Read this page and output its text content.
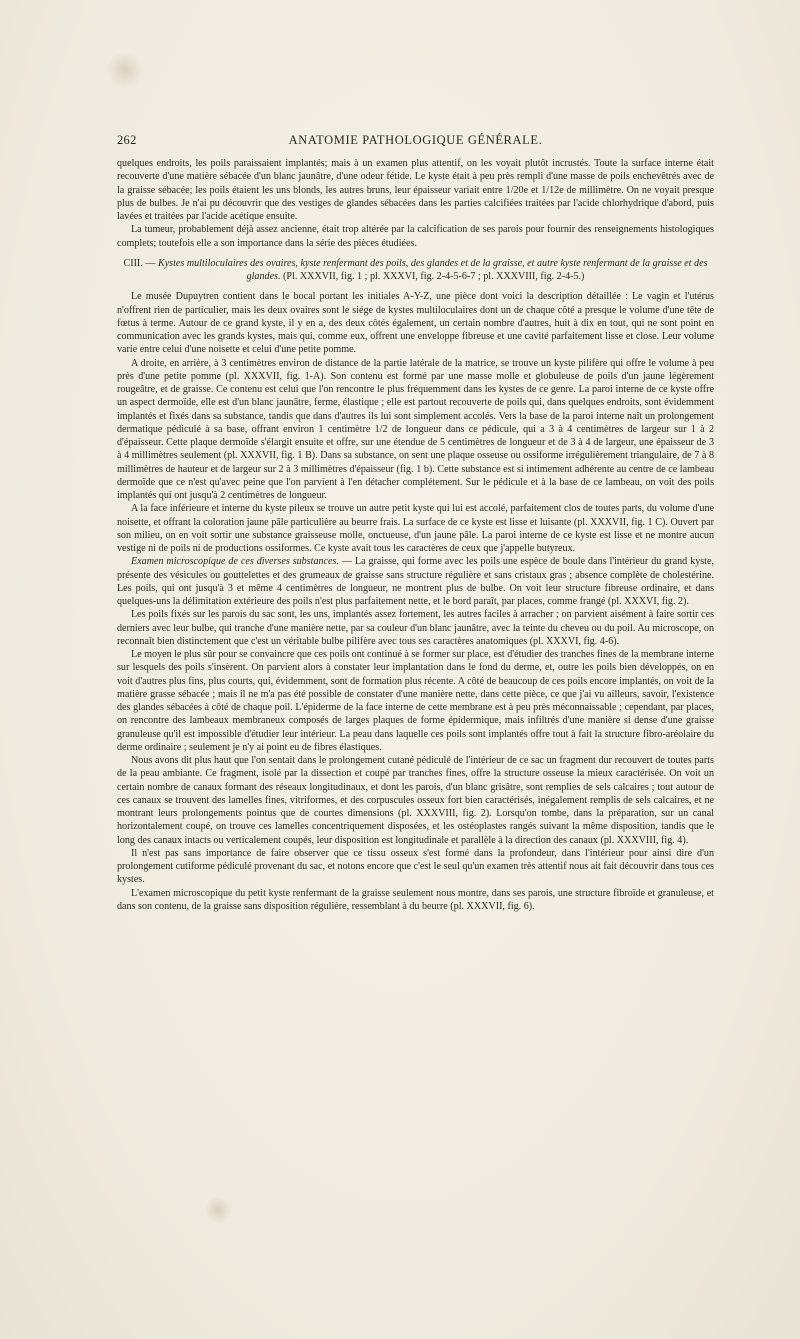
262	ANATOMIE PATHOLOGIQUE GÉNÉRALE.

quelques endroits, les poils paraissaient implantés; mais à un examen plus attentif, on les voyait plutôt incrustés. Toute la surface interne était recouverte d'une matière sébacée d'un blanc jaunâtre, d'une odeur fétide. Le kyste était à peu près rempli d'une masse de poils enchevêtrés avec de la graisse sébacée; les poils étaient les uns blonds, les autres bruns, leur épaisseur variait entre 1/20e et 1/12e de millimètre. On ne voyait presque plus de bulbes. Je n'ai pu découvrir que des vestiges de glandes sébacées dans les parties calcifiées traitées par l'acide chlorhydrique d'abord, puis lavées et traitées par l'acide acétique ensuite.

La tumeur, probablement déjà assez ancienne, était trop altérée par la calcification de ses parois pour fournir des renseignements histologiques complets; toutefois elle a son importance dans la série des pièces étudiées.

CIII. — Kystes multiloculaires des ovaires, kyste renfermant des poils, des glandes et de la graisse, et autre kyste renfermant de la graisse et des glandes. (Pl. XXXVII, fig. 1 ; pl. XXXVI, fig. 2-4-5-6-7 ; pl. XXXVIII, fig. 2-4-5.)

Le musée Dupuytren contient dans le bocal portant les initiales A-Y-Z, une pièce dont voici la description détaillée : Le vagin et l'utérus n'offrent rien de particulier, mais les deux ovaires sont le siége de kystes multiloculaires dont un de chaque côté a presque le volume d'une tête de fœtus à terme. Autour de ce grand kyste, il y en a, des deux côtés également, un certain nombre d'autres, huit à dix en tout, qui ne sont point en communication avec les grands kystes, mais qui, comme eux, offrent une enveloppe fibreuse et une cavité parfaitement lisse et close. Leur volume varie entre celui d'une noisette et celui d'une petite pomme.

A droite, en arrière, à 3 centimètres environ de distance de la partie latérale de la matrice, se trouve un kyste pilifère qui offre le volume à peu près d'une petite pomme (pl. XXXVII, fig. 1-A). Son contenu est formé par une masse molle et globuleuse de poils d'un jaune légèrement rougeâtre, et de graisse. Ce contenu est celui que l'on rencontre le plus fréquemment dans les kystes de ce genre. La paroi interne de ce kyste offre un aspect dermoïde, elle est d'un blanc jaunâtre, ferme, élastique ; elle est partout recouverte de poils qui, dans quelques endroits, sont évidemment implantés et fixés dans sa substance, tandis que dans d'autres ils lui sont simplement accolés. Vers la base de la paroi interne naît un prolongement dermatique pédiculé à sa base, offrant environ 1 centimètre 1/2 de longueur dans ce pédicule, qui a 3 à 4 centimètres de largeur sur 1 à 2 d'épaisseur. Cette plaque dermoïde s'élargit ensuite et offre, sur une étendue de 5 centimètres de longueur et de 3 à 4 de largeur, une épaisseur de 3 à 4 millimètres seulement (pl. XXXVII, fig. 1 B). Dans sa substance, on sent une plaque osseuse ou ossiforme irrégulièrement triangulaire, de 7 à 8 millimètres de hauteur et de largeur sur 2 à 3 millimètres d'épaisseur (fig. 1 b). Cette substance est si intimement adhérente au centre de ce lambeau dermoïde que ce n'est qu'avec peine que l'on parvient à l'en détacher complétement. Sur le pédicule et à la base de ce lambeau, on voit des poils implantés qui ont jusqu'à 2 centimètres de longueur.

A la face inférieure et interne du kyste pileux se trouve un autre petit kyste qui lui est accolé, parfaitement clos de toutes parts, du volume d'une noisette, et offrant la coloration jaune pâle particulière au beurre frais. La surface de ce kyste est lisse et luisante (pl. XXXVII, fig. 1 C). Ouvert par son milieu, on en voit sortir une substance graisseuse molle, onctueuse, d'un jaune pâle. La paroi interne de ce kyste est lisse et ne montre aucun vestige ni de poils ni de productions ossiformes. Ce kyste avait tous les caractères de ceux que j'appelle butyreux.

Examen microscopique de ces diverses substances. — La graisse, qui forme avec les poils une espèce de boule dans l'intérieur du grand kyste, présente des vésicules ou gouttelettes et des grumeaux de graisse sans structure régulière et sans cristaux gras ; absence complète de cholestérine. Les poils, qui ont jusqu'à 3 et même 4 centimètres de longueur, ne montrent plus de bulbe. On voit leur structure fibreuse ordinaire, et dans quelques-uns la délimitation extérieure des poils n'est plus parfaitement nette, et le bord paraît, par places, comme frangé (pl. XXXVI, fig. 2).

Les poils fixés sur les parois du sac sont, les uns, implantés assez fortement, les autres faciles à arracher ; on parvient aisément à faire sortir ces derniers avec leur bulbe, qui tranche d'une manière nette, par sa couleur d'un blanc jaunâtre, avec la teinte du cheveu ou du poil. Au microscope, on reconnaît bien distinctement que c'est un véritable bulbe pilifère avec tous ses caractères anatomiques (pl. XXXVI, fig. 4-6).

Le moyen le plus sûr pour se convaincre que ces poils ont continué à se former sur place, est d'étudier des tranches fines de la membrane interne sur lesquels des poils s'insèrent. On parvient alors à constater leur implantation dans le fond du derme, et, outre les poils bien développés, on en voit d'autres plus fins, plus courts, qui, évidemment, sont de formation plus récente. A côté de beaucoup de ces poils encore implantés, on voit de la matière grasse sébacée ; mais il ne m'a pas été possible de constater d'une manière nette, dans cette pièce, ce que j'ai vu ailleurs, savoir, l'existence des glandes sébacées à côté de chaque poil. L'épiderme de la face interne de cette membrane est à peu près méconnaissable ; cependant, par places, on rencontre des lambeaux membraneux composés de larges plaques de forme épidermique, mais infiltrés d'une manière si dense d'une graisse granuleuse qu'il est impossible d'étudier leur intérieur. La peau dans laquelle ces poils sont implantés offre tout à fait la structure fibro-aréolaire du derme ordinaire ; seulement je n'y ai point eu de fibres élastiques.

Nous avons dit plus haut que l'on sentait dans le prolongement cutané pédiculé de l'intérieur de ce sac un fragment dur recouvert de toutes parts de la peau ambiante. Ce fragment, isolé par la dissection et coupé par tranches fines, offre la structure osseuse la mieux caractérisée. On voit un certain nombre de canaux formant des réseaux longitudinaux, et dont les parois, d'un blanc grisâtre, sont remplies de sels calcaires ; tout autour de ces canaux se trouvent des lamelles fines, vitriformes, et des corpuscules osseux fort bien caractérisés, inégalement remplis de sels calcaires, et ne montrant leurs prolongements pointus que de courtes dimensions (pl. XXXVIII, fig. 2). Lorsqu'on tombe, dans la préparation, sur un canal horizontalement coupé, on trouve ces lamelles concentriquement disposées, et les ostéoplastes rangés suivant la même disposition, tandis que le long des canaux intacts ou verticalement coupés, leur disposition est longitudinale et parallèle à la direction des canaux (pl. XXXVIII, fig. 4).

Il n'est pas sans importance de faire observer que ce tissu osseux s'est formé dans la profondeur, dans l'intérieur pour ainsi dire d'un prolongement cutiforme pédiculé provenant du sac, et notons encore que c'est le seul qu'un examen très attentif nous ait fait découvrir dans tous ces kystes.

L'examen microscopique du petit kyste renfermant de la graisse seulement nous montre, dans ses parois, une structure fibroïde et granuleuse, et dans son contenu, de la graisse sans disposition régulière, ressemblant à du beurre (pl. XXXVII, fig. 6).
